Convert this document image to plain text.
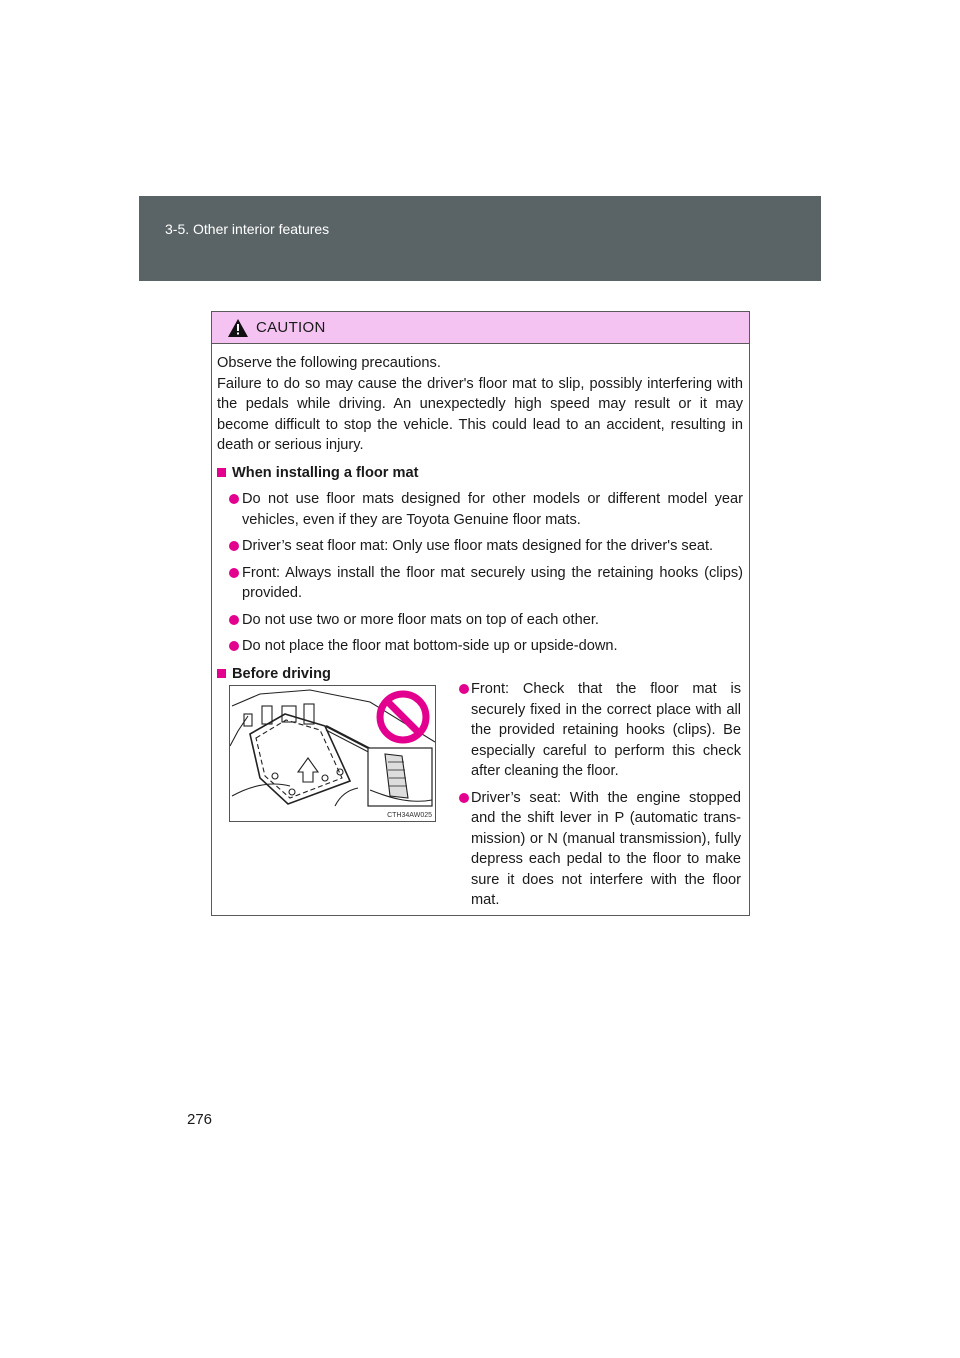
3-5. Other interior features
CAUTION

Observe the following precautions.

Failure to do so may cause the driver's floor mat to slip, possibly interfering with the pedals while driving. An unexpectedly high speed may result or it may become difficult to stop the vehicle. This could lead to an accident, resulting in death or serious injury.

When installing a floor mat
Do not use floor mats designed for other models or different model year vehicles, even if they are Toyota Genuine floor mats.
Driver’s seat floor mat: Only use floor mats designed for the driver's seat.
Front: Always install the floor mat securely using the retaining hooks (clips) provided.
Do not use two or more floor mats on top of each other.
Do not place the floor mat bottom-side up or upside-down.
Before driving
CTH34AW025
Front: Check that the floor mat is securely fixed in the correct place with all the provided retaining hooks (clips). Be especially careful to perform this check after cleaning the floor.
Driver’s seat: With the engine stopped and the shift lever in P (automatic trans-mission) or N (manual transmission), fully depress each pedal to the floor to make sure it does not interfere with the floor mat.
276
